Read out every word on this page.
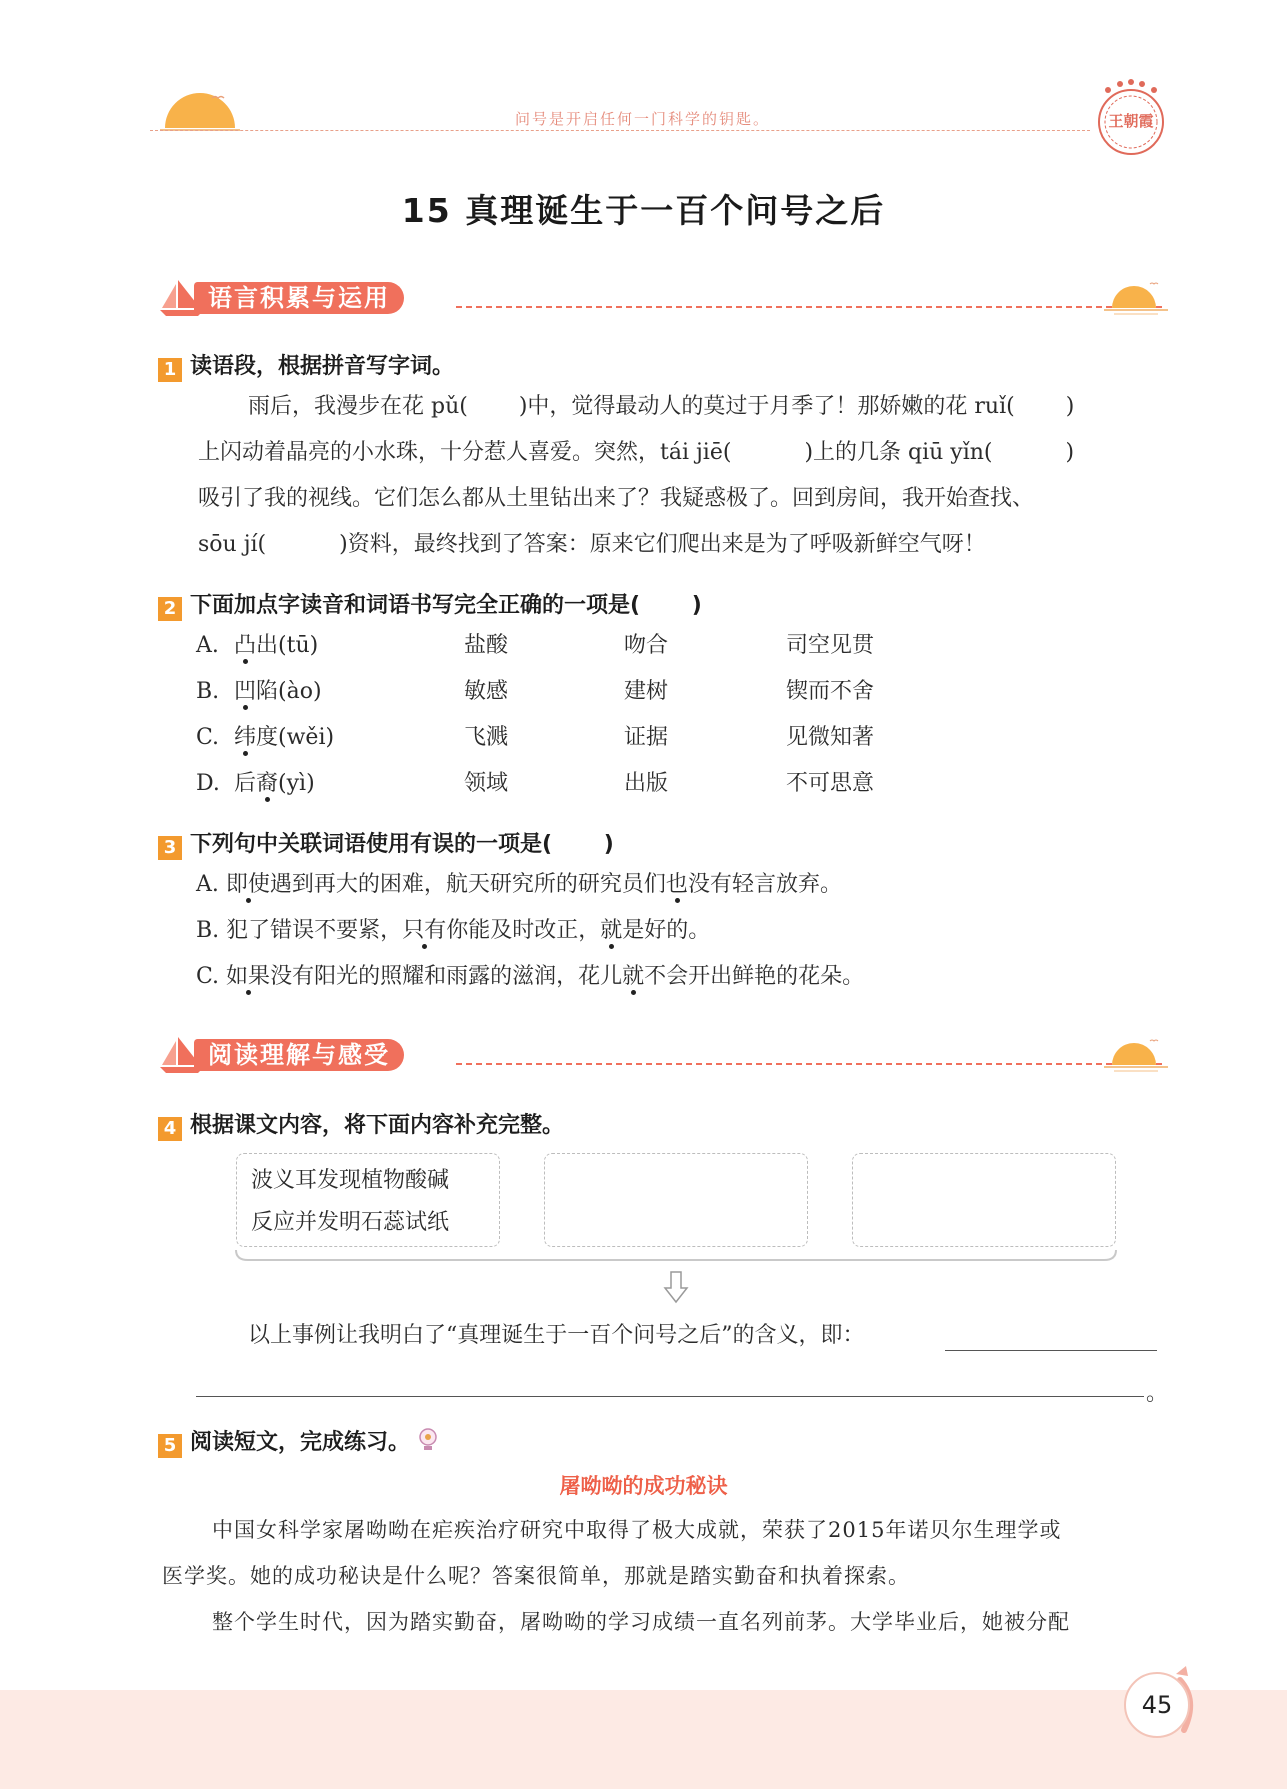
问号是开启任何一门科学的钥匙。	王朝霞
15 真理诞生于一百个问号之后
语言积累与运用
1 读语段，根据拼音写字词。
雨后，我漫步在花 pǔ(　　 )中，觉得最动人的莫过于月季了！那娇嫩的花 ruǐ(　　 )
上闪动着晶亮的小水珠，十分惹人喜爱。突然，tái jiē(　　　 )上的几条 qiū yǐn(　　　 )
吸引了我的视线。它们怎么都从土里钻出来了？我疑惑极了。回到房间，我开始查找、
sōu jí(　　　 )资料，最终找到了答案：原来它们爬出来是为了呼吸新鲜空气呀！
2 下面加点字读音和词语书写完全正确的一项是(　　 )
A. 凸出(tū)	盐酸	吻合	司空见贯
B. 凹陷(ào)	敏感	建树	锲而不舍
C. 纬度(wěi)	飞溅	证据	见微知著
D. 后裔(yì)	领域	出版	不可思意
3 下列句中关联词语使用有误的一项是(　　 )
A. 即使遇到再大的困难，航天研究所的研究员们也没有轻言放弃。
B. 犯了错误不要紧，只有你能及时改正，就是好的。
C. 如果没有阳光的照耀和雨露的滋润，花儿就不会开出鲜艳的花朵。
阅读理解与感受
4 根据课文内容，将下面内容补充完整。
波义耳发现植物酸碱
反应并发明石蕊试纸
以上事例让我明白了“真理诞生于一百个问号之后”的含义，即：
。
5 阅读短文，完成练习。
屠呦呦的成功秘诀
中国女科学家屠呦呦在疟疾治疗研究中取得了极大成就，荣获了2015年诺贝尔生理学或
医学奖。她的成功秘诀是什么呢？答案很简单，那就是踏实勤奋和执着探索。
整个学生时代，因为踏实勤奋，屠呦呦的学习成绩一直名列前茅。大学毕业后，她被分配
45
